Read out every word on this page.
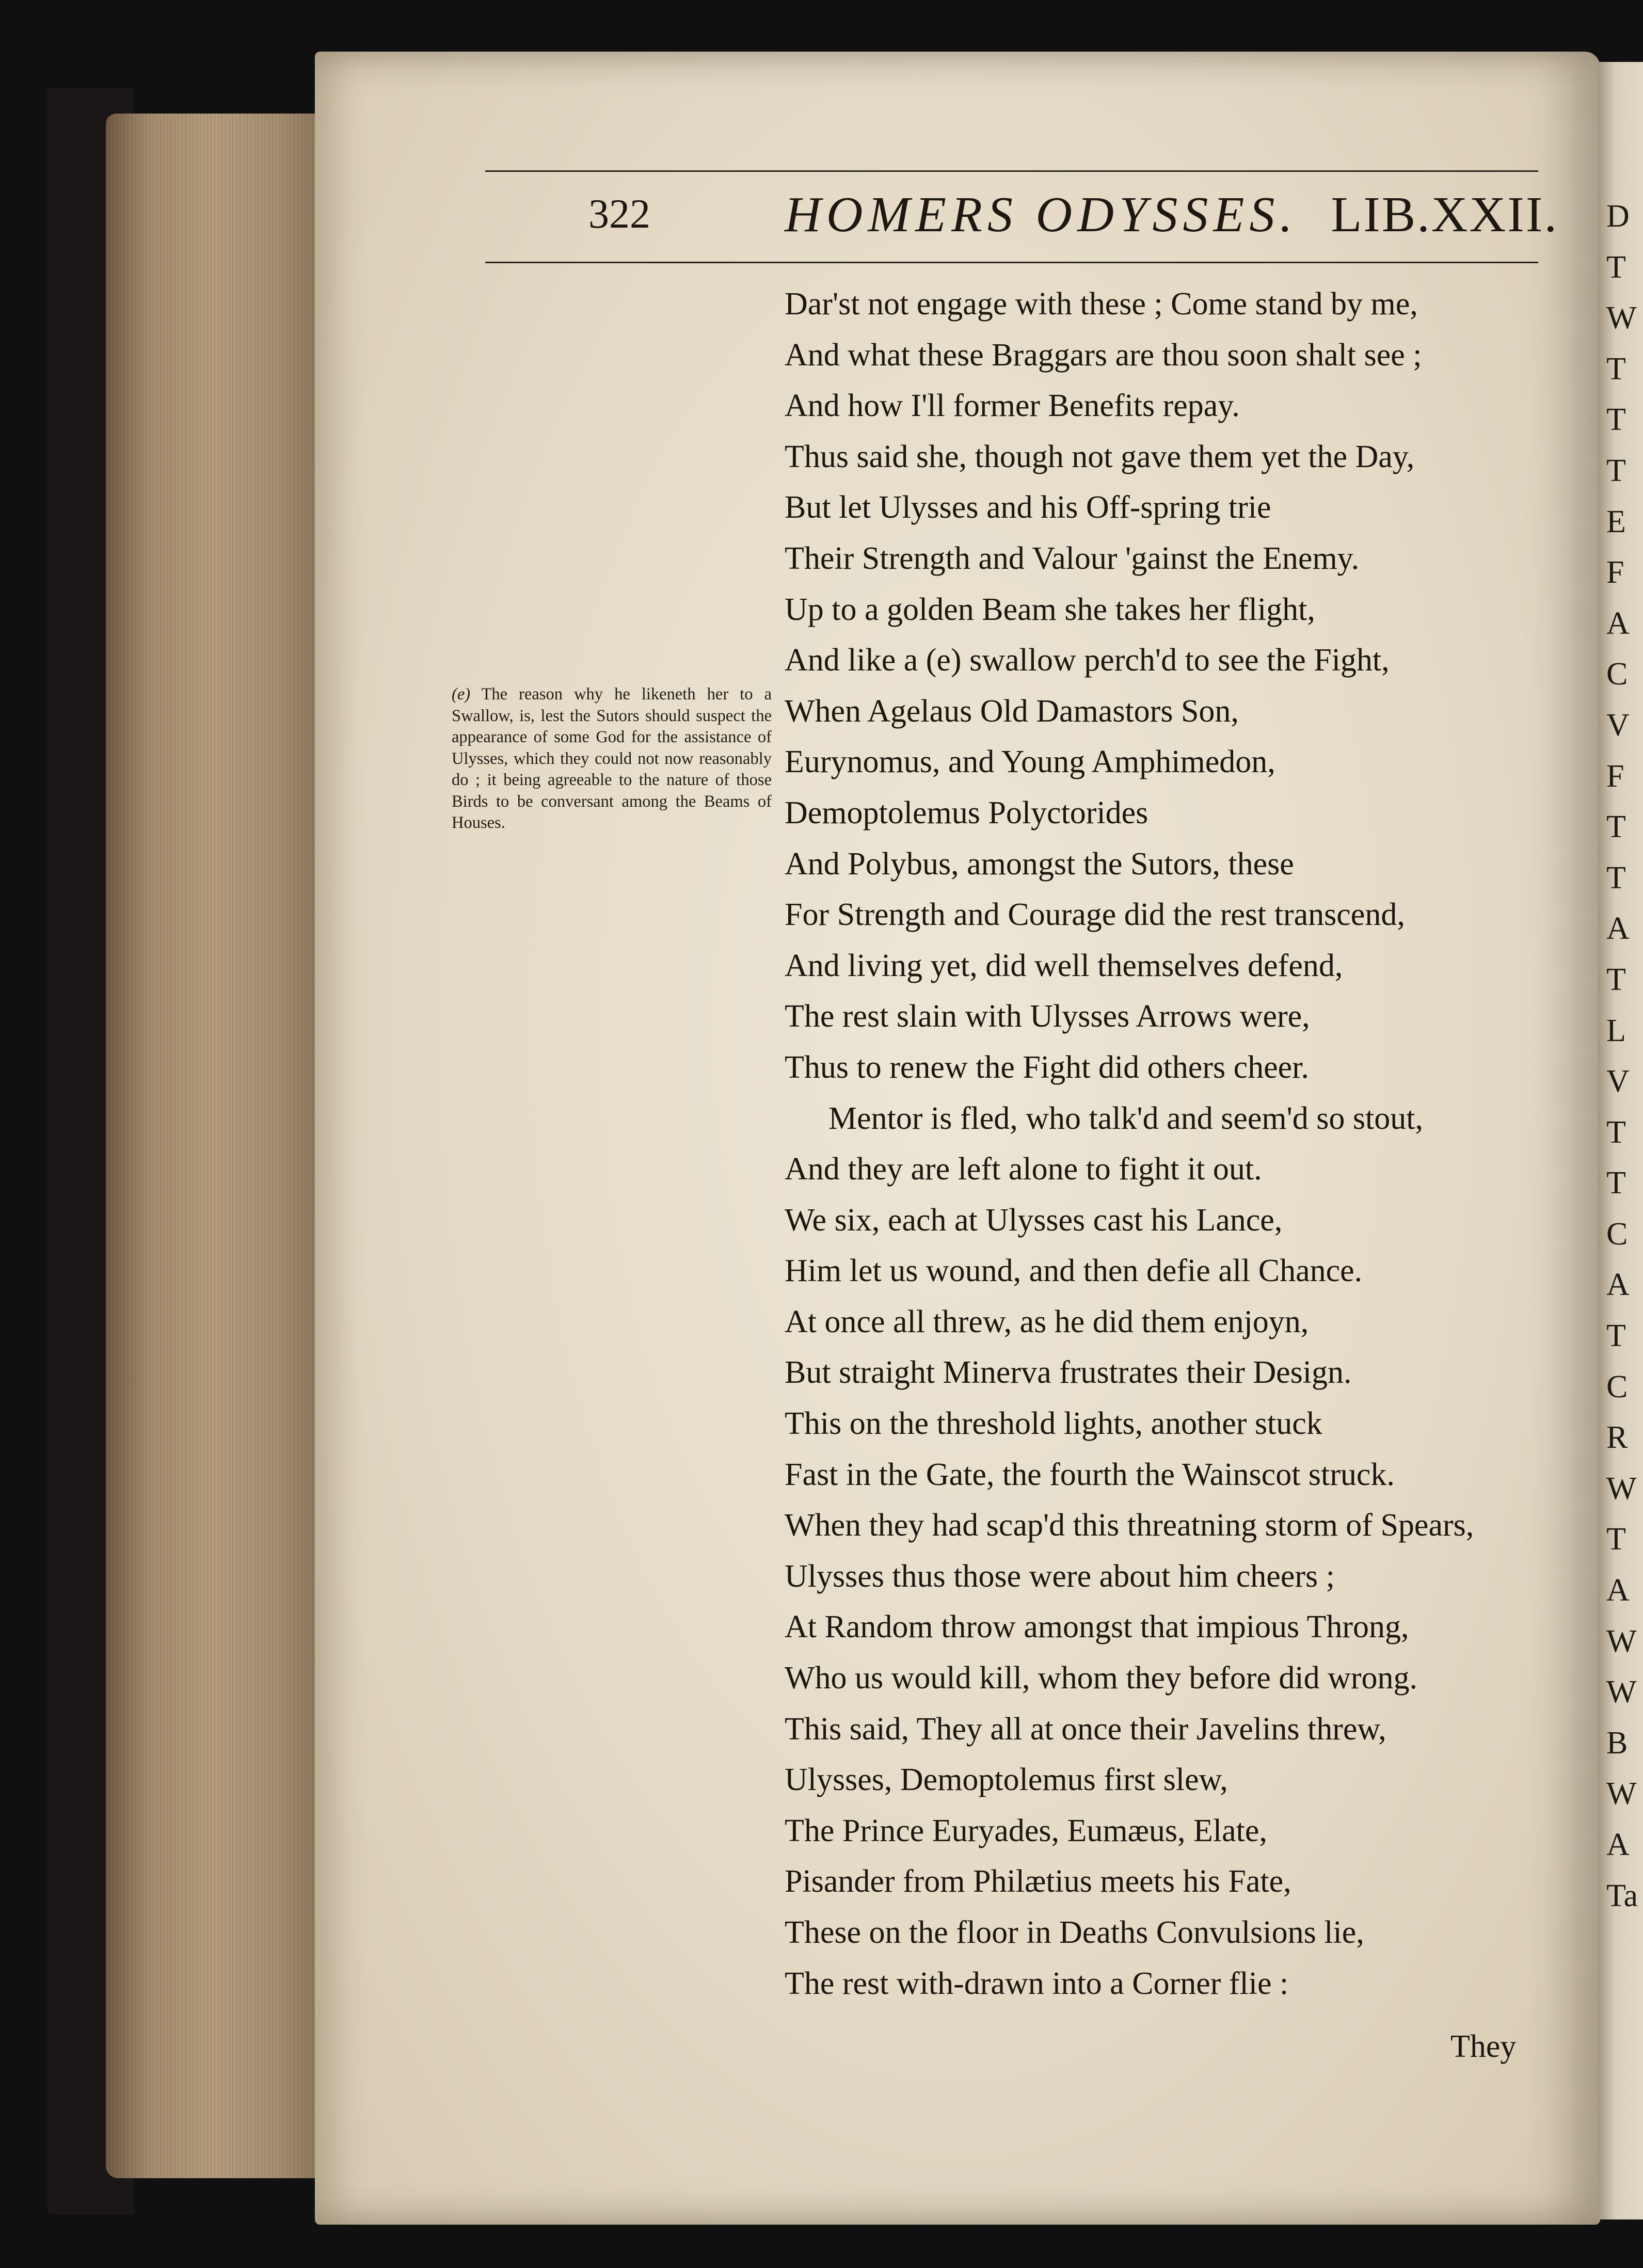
D
T
W
T
T
T
E
F
A
C
V
F
T
T
A
T
L
V
T
T
C
A
T
C
R
W
T
A
W
W
B
W
A
Ta
322	HOMERS ODYSSES. LIB.XXII.
(e) The reason why he likeneth her to a Swallow, is, lest the Sutors should suspect the appearance of some God for the assistance of Ulysses, which they could not now reasonably do ; it being agreeable to the nature of those Birds to be conversant among the Beams of Houses.
Dar'st not engage with these ; Come stand by me,
And what these Braggars are thou soon shalt see ;
And how I'll former Benefits repay.
Thus said she, though not gave them yet the Day,
But let Ulysses and his Off-spring trie
Their Strength and Valour 'gainst the Enemy.
Up to a golden Beam she takes her flight,
And like a (e) swallow perch'd to see the Fight,
When Agelaus Old Damastors Son,
Eurynomus, and Young Amphimedon,
Demoptolemus Polyctorides
And Polybus, amongst the Sutors, these
For Strength and Courage did the rest transcend,
And living yet, did well themselves defend,
The rest slain with Ulysses Arrows were,
Thus to renew the Fight did others cheer.
Mentor is fled, who talk'd and seem'd so stout,
And they are left alone to fight it out.
We six, each at Ulysses cast his Lance,
Him let us wound, and then defie all Chance.
At once all threw, as he did them enjoyn,
But straight Minerva frustrates their Design.
This on the threshold lights, another stuck
Fast in the Gate, the fourth the Wainscot struck.
When they had scap'd this threatning storm of Spears,
Ulysses thus those were about him cheers ;
At Random throw amongst that impious Throng,
Who us would kill, whom they before did wrong.
This said, They all at once their Javelins threw,
Ulysses, Demoptolemus first slew,
The Prince Euryades, Eumæus, Elate,
Pisander from Philætius meets his Fate,
These on the floor in Deaths Convulsions lie,
The rest with-drawn into a Corner flie :
They
